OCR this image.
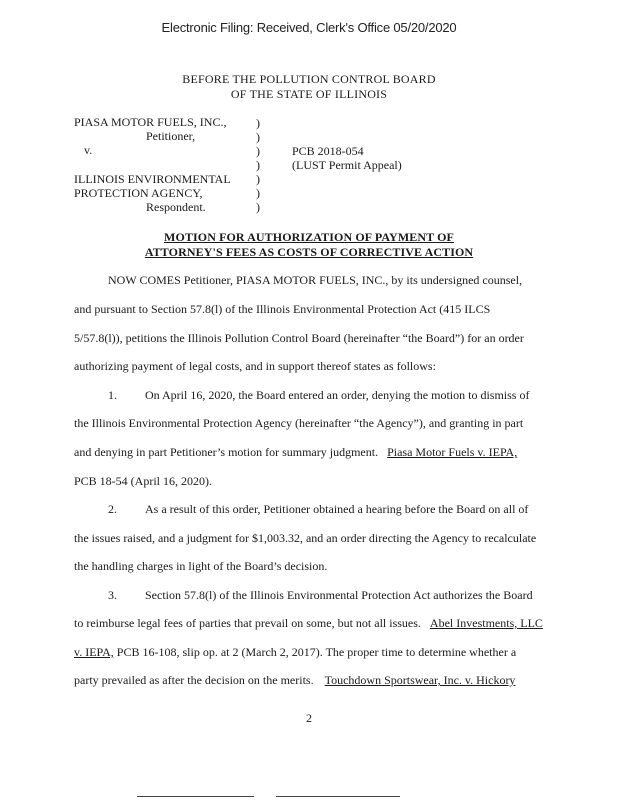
Electronic Filing: Received, Clerk's Office 05/20/2020
BEFORE THE POLLUTION CONTROL BOARD
OF THE STATE OF ILLINOIS
PIASA MOTOR FUELS, INC.,
Petitioner,
v.
ILLINOIS ENVIRONMENTAL
PROTECTION AGENCY,
Respondent.
)
)
)
)
)
)
)
PCB 2018-054
(LUST Permit Appeal)
MOTION FOR AUTHORIZATION OF PAYMENT OF
ATTORNEY'S FEES AS COSTS OF CORRECTIVE ACTION
NOW COMES Petitioner, PIASA MOTOR FUELS, INC., by its undersigned counsel,
and pursuant to Section 57.8(l) of the Illinois Environmental Protection Act (415 ILCS
5/57.8(l)), petitions the Illinois Pollution Control Board (hereinafter “the Board”) for an order
authorizing payment of legal costs, and in support thereof states as follows:
1. On April 16, 2020, the Board entered an order, denying the motion to dismiss of
the Illinois Environmental Protection Agency (hereinafter “the Agency”), and granting in part
and denying in part Petitioner’s motion for summary judgment. Piasa Motor Fuels v. IEPA,
PCB 18-54 (April 16, 2020).
2. As a result of this order, Petitioner obtained a hearing before the Board on all of
the issues raised, and a judgment for $1,003.32, and an order directing the Agency to recalculate
the handling charges in light of the Board’s decision.
3. Section 57.8(l) of the Illinois Environmental Protection Act authorizes the Board
to reimburse legal fees of parties that prevail on some, but not all issues. Abel Investments, LLC
v. IEPA, PCB 16-108, slip op. at 2 (March 2, 2017). The proper time to determine whether a
party prevailed as after the decision on the merits. Touchdown Sportswear, Inc. v. Hickory
2
